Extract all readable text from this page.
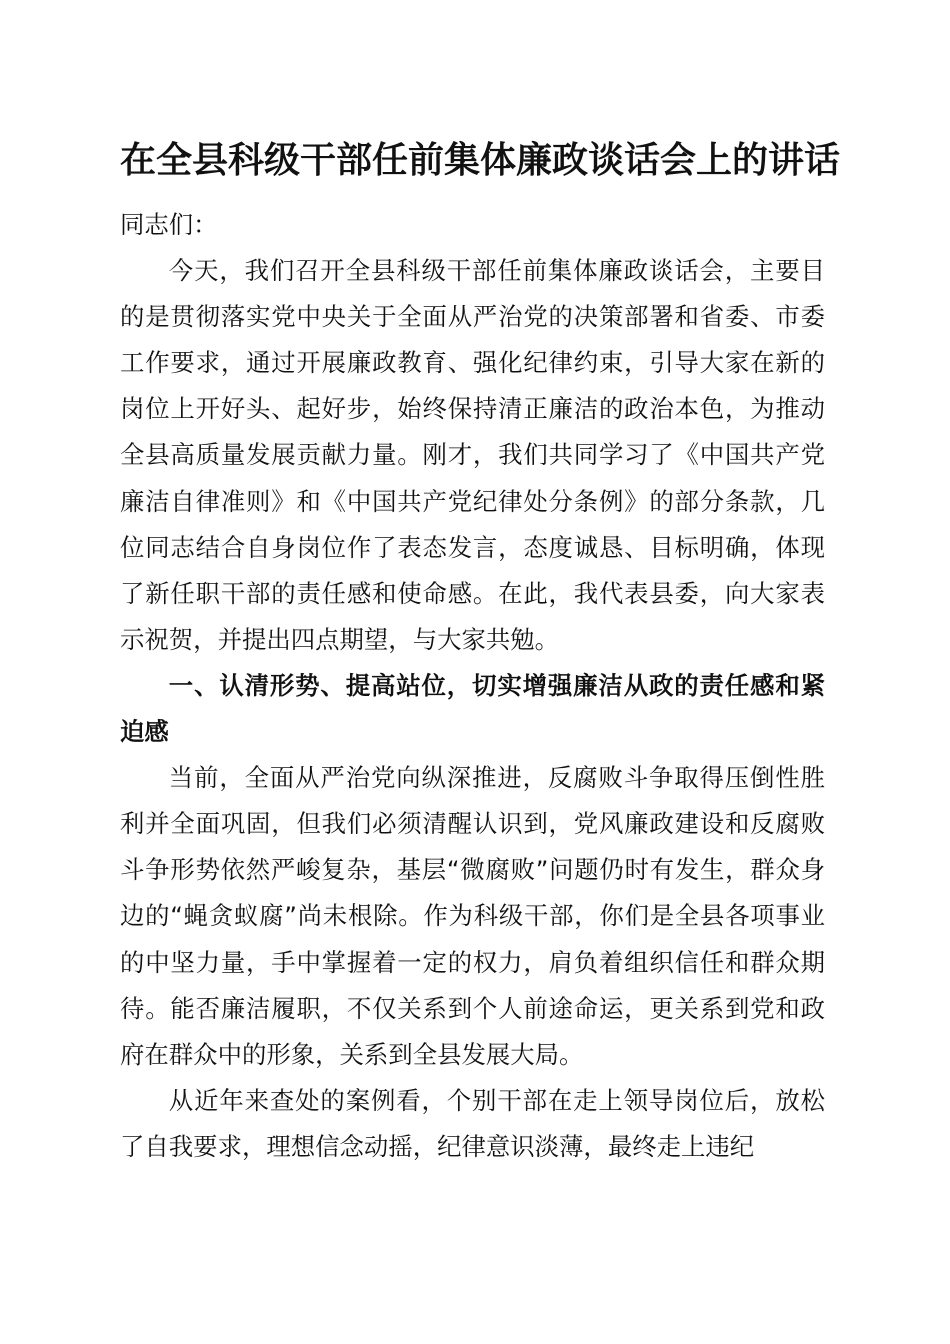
在全县科级干部任前集体廉政谈话会上的讲话

同志们：

今天，我们召开全县科级干部任前集体廉政谈话会，主要目的是贯彻落实党中央关于全面从严治党的决策部署和省委、市委工作要求，通过开展廉政教育、强化纪律约束，引导大家在新的岗位上开好头、起好步，始终保持清正廉洁的政治本色，为推动全县高质量发展贡献力量。刚才，我们共同学习了《中国共产党廉洁自律准则》和《中国共产党纪律处分条例》的部分条款，几位同志结合自身岗位作了表态发言，态度诚恳、目标明确，体现了新任职干部的责任感和使命感。在此，我代表县委，向大家表示祝贺，并提出四点期望，与大家共勉。

一、认清形势、提高站位，切实增强廉洁从政的责任感和紧迫感

当前，全面从严治党向纵深推进，反腐败斗争取得压倒性胜利并全面巩固，但我们必须清醒认识到，党风廉政建设和反腐败斗争形势依然严峻复杂，基层“微腐败”问题仍时有发生，群众身边的“蝇贪蚁腐”尚未根除。作为科级干部，你们是全县各项事业的中坚力量，手中掌握着一定的权力，肩负着组织信任和群众期待。能否廉洁履职，不仅关系到个人前途命运，更关系到党和政府在群众中的形象，关系到全县发展大局。

从近年来查处的案例看，个别干部在走上领导岗位后，放松了自我要求，理想信念动摇，纪律意识淡薄，最终走上违纪
